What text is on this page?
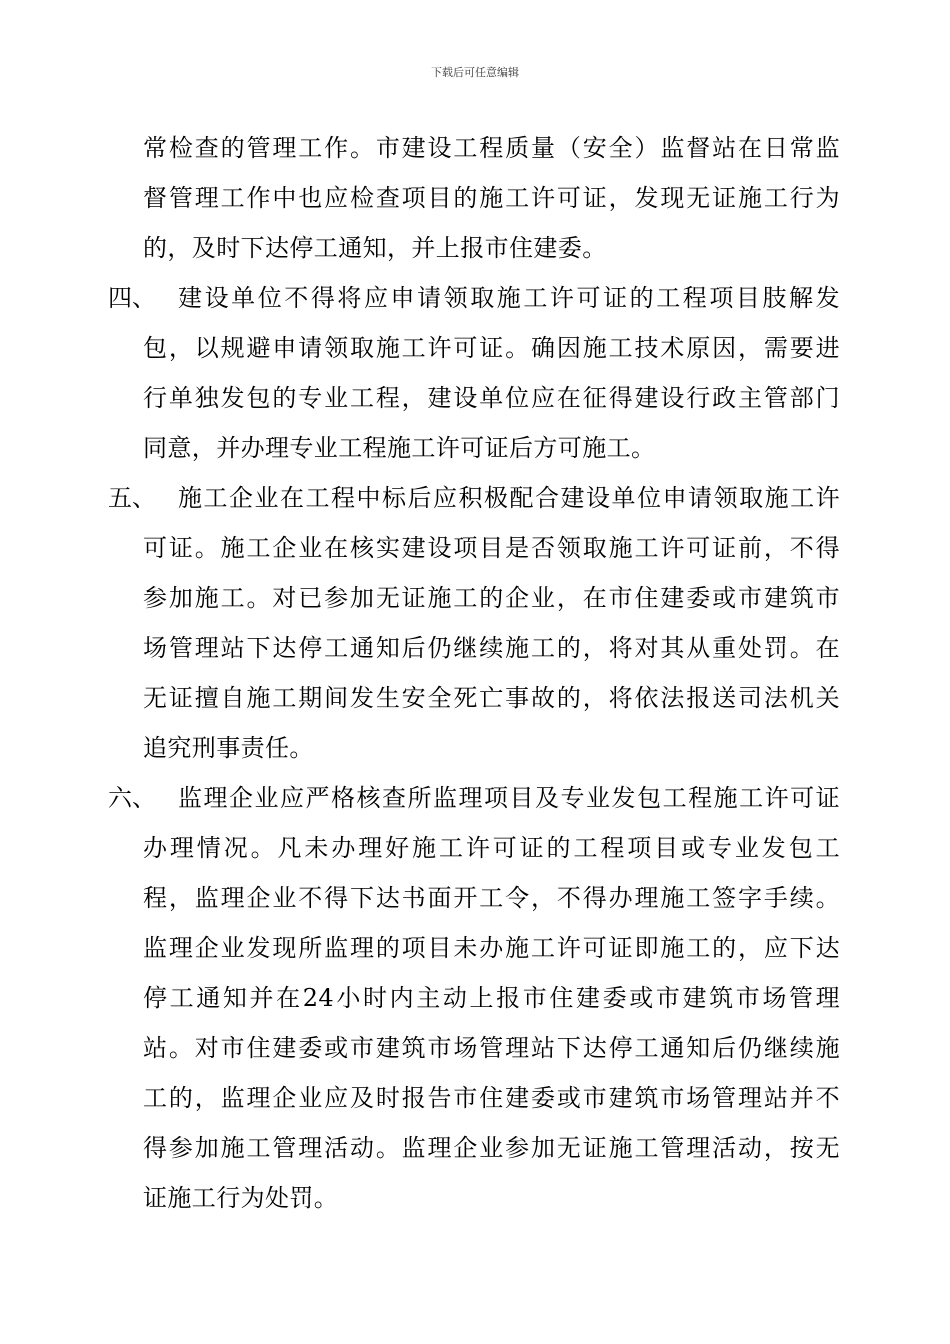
下载后可任意编辑
常检查的管理工作。市建设工程质量（安全）监督站在日常监
督管理工作中也应检查项目的施工许可证，发现无证施工行为
的，及时下达停工通知，并上报市住建委。
四、 建设单位不得将应申请领取施工许可证的工程项目肢解发
包，以规避申请领取施工许可证。确因施工技术原因，需要进
行单独发包的专业工程，建设单位应在征得建设行政主管部门
同意，并办理专业工程施工许可证后方可施工。
五、 施工企业在工程中标后应积极配合建设单位申请领取施工许
可证。施工企业在核实建设项目是否领取施工许可证前，不得
参加施工。对已参加无证施工的企业，在市住建委或市建筑市
场管理站下达停工通知后仍继续施工的，将对其从重处罚。在
无证擅自施工期间发生安全死亡事故的，将依法报送司法机关
追究刑事责任。
六、 监理企业应严格核查所监理项目及专业发包工程施工许可证
办理情况。凡未办理好施工许可证的工程项目或专业发包工
程，监理企业不得下达书面开工令，不得办理施工签字手续。
监理企业发现所监理的项目未办施工许可证即施工的，应下达
停工通知并在24小时内主动上报市住建委或市建筑市场管理
站。对市住建委或市建筑市场管理站下达停工通知后仍继续施
工的，监理企业应及时报告市住建委或市建筑市场管理站并不
得参加施工管理活动。监理企业参加无证施工管理活动，按无
证施工行为处罚。
